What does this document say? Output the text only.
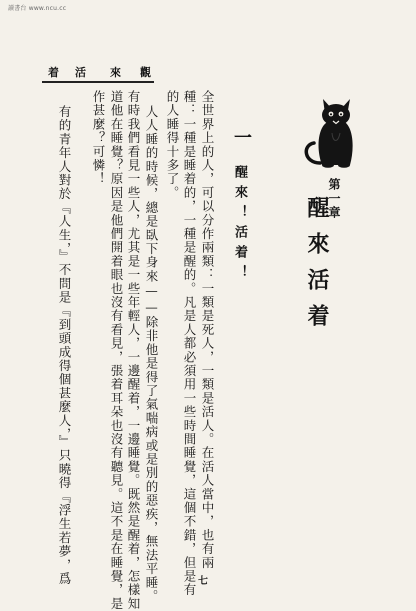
讀書台 www.ncu.cc
觀
來
活
着
第一章
醒來活着
一
醒來！活着！
全世界上的人，可以分作兩類：一類是死人，一類是活人。在活人當中，也有兩
種：一種是睡着的，一種是醒的。凡是人都必須用一些時間睡覺，這個不錯，但是有
的人睡得十多了。
人人睡的時候，總是臥下身來——除非他是得了氣喘病或是別的惡疾，無法平睡。
有時我們看見一些人，尤其是一些年輕人，一邊醒着，一邊睡覺。既然是醒着，怎樣知
道他在睡覺？原因是他們開着眼也沒有看見，張着耳朵也沒有聽見。這不是在睡覺，是
作甚麼？可憐！
有的青年人對於『人生，』不問是『到頭成得個甚麼人，』只曉得『浮生若夢，爲	七
